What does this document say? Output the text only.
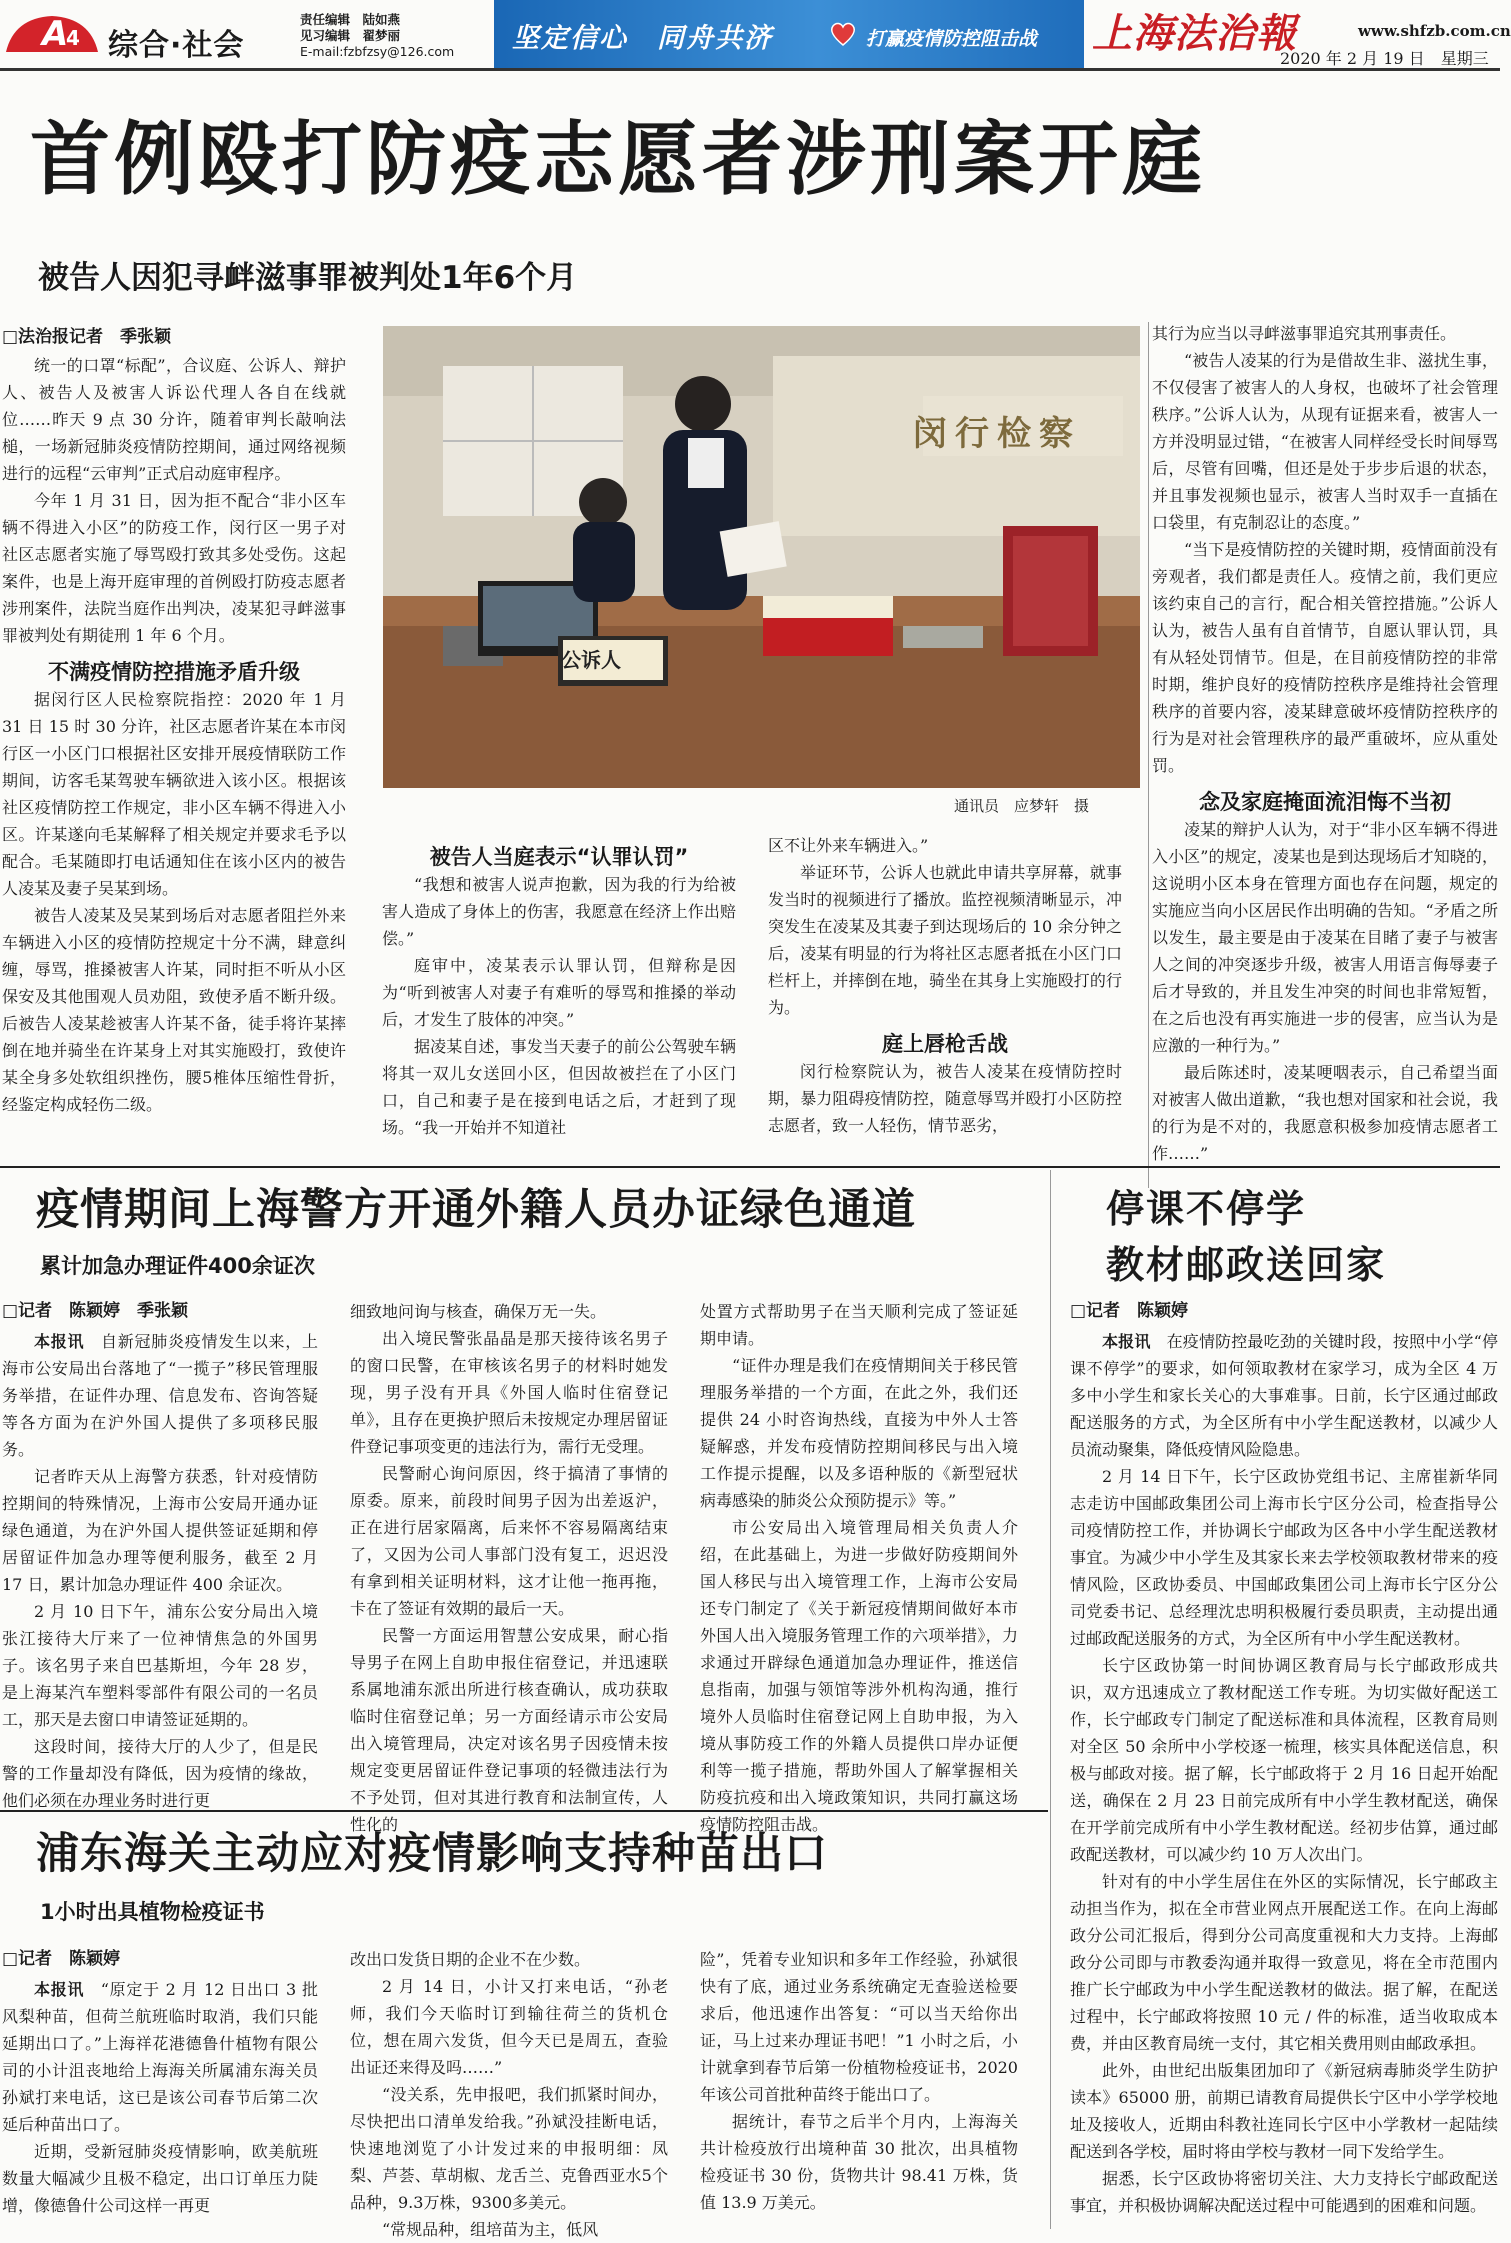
A
4 综合·社会
责任编辑　陆如燕
见习编辑　翟梦丽
E-mail:fzbfzsy@126.com 坚定信心　同舟共济	打赢疫情防控阻击战 上海法治報	www.shfzb.com.cn
2020 年 2 月 19 日　星期三
首例殴打防疫志愿者涉刑案开庭
被告人因犯寻衅滋事罪被判处1年6个月
□法治报记者　季张颖

统一的口罩“标配”，合议庭、公诉人、辩护人、被告人及被害人诉讼代理人各自在线就位……昨天 9 点 30 分许，随着审判长敲响法槌，一场新冠肺炎疫情防控期间，通过网络视频进行的远程“云审判”正式启动庭审程序。

今年 1 月 31 日，因为拒不配合“非小区车辆不得进入小区”的防疫工作，闵行区一男子对社区志愿者实施了辱骂殴打致其多处受伤。这起案件，也是上海开庭审理的首例殴打防疫志愿者涉刑案件，法院当庭作出判决，凌某犯寻衅滋事罪被判处有期徒刑 1 年 6 个月。

不满疫情防控措施矛盾升级

据闵行区人民检察院指控：2020 年 1 月 31 日 15 时 30 分许，社区志愿者许某在本市闵行区一小区门口根据社区安排开展疫情联防工作期间，访客毛某驾驶车辆欲进入该小区。根据该社区疫情防控工作规定，非小区车辆不得进入小区。许某遂向毛某解释了相关规定并要求毛予以配合。毛某随即打电话通知住在该小区内的被告人凌某及妻子吴某到场。

被告人凌某及吴某到场后对志愿者阻拦外来车辆进入小区的疫情防控规定十分不满，肆意纠缠，辱骂，推搡被害人许某，同时拒不听从小区保安及其他围观人员劝阻，致使矛盾不断升级。后被告人凌某趁被害人许某不备，徒手将许某摔倒在地并骑坐在许某身上对其实施殴打，致使许某全身多处软组织挫伤，腰5椎体压缩性骨折，经鉴定构成轻伤二级。

闵行检察
公诉人
通讯员　应梦轩　摄

被告人当庭表示“认罪认罚”

“我想和被害人说声抱歉，因为我的行为给被害人造成了身体上的伤害，我愿意在经济上作出赔偿。”

庭审中，凌某表示认罪认罚，但辩称是因为“听到被害人对妻子有难听的辱骂和推搡的举动后，才发生了肢体的冲突。”

据凌某自述，事发当天妻子的前公公驾驶车辆将其一双儿女送回小区，但因故被拦在了小区门口，自己和妻子是在接到电话之后，才赶到了现场。“我一开始并不知道社

区不让外来车辆进入。”

举证环节，公诉人也就此申请共享屏幕，就事发当时的视频进行了播放。监控视频清晰显示，冲突发生在凌某及其妻子到达现场后的 10 余分钟之后，凌某有明显的行为将社区志愿者抵在小区门口栏杆上，并摔倒在地，骑坐在其身上实施殴打的行为。

庭上唇枪舌战

闵行检察院认为，被告人凌某在疫情防控时期，暴力阻碍疫情防控，随意辱骂并殴打小区防控志愿者，致一人轻伤，情节恶劣，

其行为应当以寻衅滋事罪追究其刑事责任。

“被告人凌某的行为是借故生非、滋扰生事，不仅侵害了被害人的人身权，也破坏了社会管理秩序。”公诉人认为，从现有证据来看，被害人一方并没明显过错，“在被害人同样经受长时间辱骂后，尽管有回嘴，但还是处于步步后退的状态，并且事发视频也显示，被害人当时双手一直插在口袋里，有克制忍让的态度。”

“当下是疫情防控的关键时期，疫情面前没有旁观者，我们都是责任人。疫情之前，我们更应该约束自己的言行，配合相关管控措施。”公诉人认为，被告人虽有自首情节，自愿认罪认罚，具有从轻处罚情节。但是，在目前疫情防控的非常时期，维护良好的疫情防控秩序是维持社会管理秩序的首要内容，凌某肆意破坏疫情防控秩序的行为是对社会管理秩序的最严重破坏，应从重处罚。

念及家庭掩面流泪悔不当初

凌某的辩护人认为，对于“非小区车辆不得进入小区”的规定，凌某也是到达现场后才知晓的，这说明小区本身在管理方面也存在问题，规定的实施应当向小区居民作出明确的告知。“矛盾之所以发生，最主要是由于凌某在目睹了妻子与被害人之间的冲突逐步升级，被害人用语言侮辱妻子后才导致的，并且发生冲突的时间也非常短暂，在之后也没有再实施进一步的侵害，应当认为是应激的一种行为。”

最后陈述时，凌某哽咽表示，自己希望当面对被害人做出道歉，“我也想对国家和社会说，我的行为是不对的，我愿意积极参加疫情志愿者工作……”

疫情期间上海警方开通外籍人员办证绿色通道
累计加急办理证件400余证次
□记者　陈颖婷　季张颖

本报讯　自新冠肺炎疫情发生以来，上海市公安局出台落地了“一揽子”移民管理服务举措，在证件办理、信息发布、咨询答疑等各方面为在沪外国人提供了多项移民服务。

记者昨天从上海警方获悉，针对疫情防控期间的特殊情况，上海市公安局开通办证绿色通道，为在沪外国人提供签证延期和停居留证件加急办理等便利服务，截至 2 月 17 日，累计加急办理证件 400 余证次。

2 月 10 日下午，浦东公安分局出入境张江接待大厅来了一位神情焦急的外国男子。该名男子来自巴基斯坦，今年 28 岁，是上海某汽车塑料零部件有限公司的一名员工，那天是去窗口申请签证延期的。

这段时间，接待大厅的人少了，但是民警的工作量却没有降低，因为疫情的缘故，他们必须在办理业务时进行更

细致地问询与核查，确保万无一失。

出入境民警张晶晶是那天接待该名男子的窗口民警，在审核该名男子的材料时她发现，男子没有开具《外国人临时住宿登记单》，且存在更换护照后未按规定办理居留证件登记事项变更的违法行为，需行无受理。

民警耐心询问原因，终于搞清了事情的原委。原来，前段时间男子因为出差返沪，正在进行居家隔离，后来怀不容易隔离结束了，又因为公司人事部门没有复工，迟迟没有拿到相关证明材料，这才让他一拖再拖，卡在了签证有效期的最后一天。

民警一方面运用智慧公安成果，耐心指导男子在网上自助申报住宿登记，并迅速联系属地浦东派出所进行核查确认，成功获取临时住宿登记单；另一方面经请示市公安局出入境管理局，决定对该名男子因疫情未按规定变更居留证件登记事项的轻微违法行为不予处罚，但对其进行教育和法制宣传，人性化的

处置方式帮助男子在当天顺利完成了签证延期申请。

“证件办理是我们在疫情期间关于移民管理服务举措的一个方面，在此之外，我们还提供 24 小时咨询热线，直接为中外人士答疑解惑，并发布疫情防控期间移民与出入境工作提示提醒，以及多语种版的《新型冠状病毒感染的肺炎公众预防提示》等。”

市公安局出入境管理局相关负责人介绍，在此基础上，为进一步做好防疫期间外国人移民与出入境管理工作，上海市公安局还专门制定了《关于新冠疫情期间做好本市外国人出入境服务管理工作的六项举措》，力求通过开辟绿色通道加急办理证件，推送信息指南，加强与领馆等涉外机构沟通，推行境外人员临时住宿登记网上自助申报，为入境从事防疫工作的外籍人员提供口岸办证便利等一揽子措施，帮助外国人了解掌握相关防疫抗疫和出入境政策知识，共同打赢这场疫情防控阻击战。

停课不停学
教材邮政送回家
□记者　陈颖婷

本报讯　在疫情防控最吃劲的关键时段，按照中小学“停课不停学”的要求，如何领取教材在家学习，成为全区 4 万多中小学生和家长关心的大事难事。日前，长宁区通过邮政配送服务的方式，为全区所有中小学生配送教材，以减少人员流动聚集，降低疫情风险隐患。

2 月 14 日下午，长宁区政协党组书记、主席崔新华同志走访中国邮政集团公司上海市长宁区分公司，检查指导公司疫情防控工作，并协调长宁邮政为区各中小学生配送教材事宜。为减少中小学生及其家长来去学校领取教材带来的疫情风险，区政协委员、中国邮政集团公司上海市长宁区分公司党委书记、总经理沈忠明积极履行委员职责，主动提出通过邮政配送服务的方式，为全区所有中小学生配送教材。

长宁区政协第一时间协调区教育局与长宁邮政形成共识，双方迅速成立了教材配送工作专班。为切实做好配送工作，长宁邮政专门制定了配送标准和具体流程，区教育局则对全区 50 余所中小学校逐一梳理，核实具体配送信息，积极与邮政对接。据了解，长宁邮政将于 2 月 16 日起开始配送，确保在 2 月 23 日前完成所有中小学生教材配送，确保在开学前完成所有中小学生教材配送。经初步估算，通过邮政配送教材，可以减少约 10 万人次出门。

针对有的中小学生居住在外区的实际情况，长宁邮政主动担当作为，拟在全市营业网点开展配送工作。在向上海邮政分公司汇报后，得到分公司高度重视和大力支持。上海邮政分公司即与市教委沟通并取得一致意见，将在全市范围内推广长宁邮政为中小学生配送教材的做法。据了解，在配送过程中，长宁邮政将按照 10 元 / 件的标准，适当收取成本费，并由区教育局统一支付，其它相关费用则由邮政承担。

此外，由世纪出版集团加印了《新冠病毒肺炎学生防护读本》65000 册，前期已请教育局提供长宁区中小学学校地址及接收人，近期由科教社连同长宁区中小学教材一起陆续配送到各学校，届时将由学校与教材一同下发给学生。

据悉，长宁区政协将密切关注、大力支持长宁邮政配送事宜，并积极协调解决配送过程中可能遇到的困难和问题。

浦东海关主动应对疫情影响支持种苗出口
1小时出具植物检疫证书
□记者　陈颖婷

本报讯　“原定于 2 月 12 日出口 3 批风梨种苗，但荷兰航班临时取消，我们只能延期出口了。”上海祥花港德鲁什植物有限公司的小计沮丧地给上海海关所属浦东海关员孙斌打来电话，这已是该公司春节后第二次延后种苗出口了。

近期，受新冠肺炎疫情影响，欧美航班数量大幅减少且极不稳定，出口订单压力陡增，像德鲁什公司这样一再更

改出口发货日期的企业不在少数。

2 月 14 日，小计又打来电话，“孙老师，我们今天临时订到输往荷兰的货机仓位，想在周六发货，但今天已是周五，查验出证还来得及吗……”

“没关系，先申报吧，我们抓紧时间办，尽快把出口清单发给我。”孙斌没挂断电话，快速地浏览了小计发过来的申报明细：凤梨、芦荟、草胡椒、龙舌兰、克鲁西亚水5个品种，9.3万株，9300多美元。

“常规品种，组培苗为主，低风

险”，凭着专业知识和多年工作经验，孙斌很快有了底，通过业务系统确定无查验送检要求后，他迅速作出答复：“可以当天给你出证，马上过来办理证书吧！”1 小时之后，小计就拿到春节后第一份植物检疫证书，2020 年该公司首批种苗终于能出口了。

据统计，春节之后半个月内，上海海关共计检疫放行出境种苗 30 批次，出具植物检疫证书 30 份，货物共计 98.41 万株，货值 13.9 万美元。
